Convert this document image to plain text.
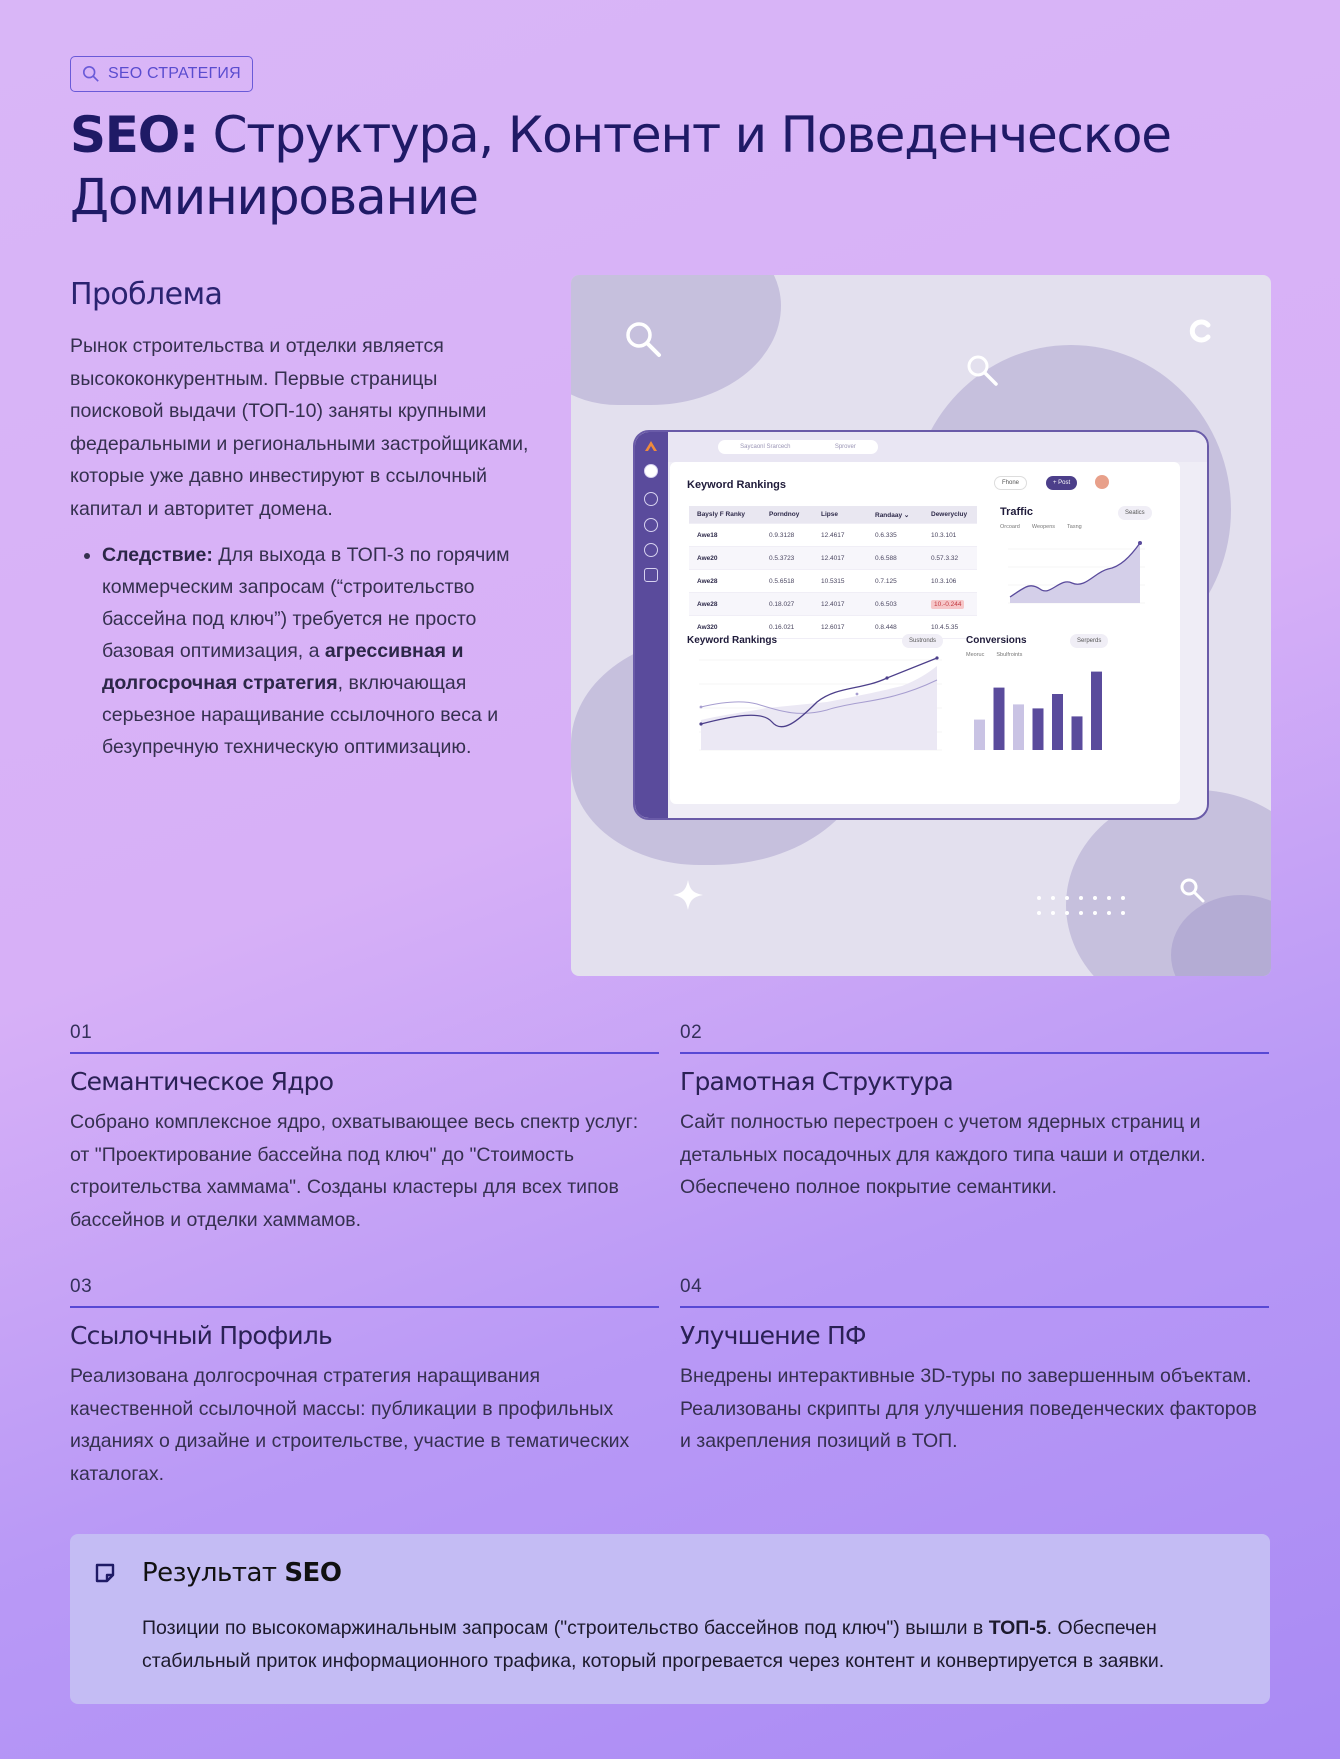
SEO СТРАТЕГИЯ
SEO: Структура, Контент и Поведенческое Доминирование
Проблема

Рынок строительства и отделки является высококонкурентным. Первые страницы поисковой выдачи (ТОП-10) заняты крупными федеральными и региональными застройщиками, которые уже давно инвестируют в ссылочный капитал и авторитет домена.

• Следствие: Для выхода в ТОП-3 по горячим коммерческим запросам (“строительство бассейна под ключ”) требуется не просто базовая оптимизация, а агрессивная и долгосрочная стратегия, включающая серьезное наращивание ссылочного веса и безупречную техническую оптимизацию.
Saycaonl Srarcech	Sprover
Keyword Rankings	Fhone	+ Post
Baysly F Ranky	Porndnoy	Lipse	Randaay ⌄	Dewerycluy
Awe18	0.9.3128	12.4617	0.6.335	10.3.101
Awe20	0.5.3723	12.4017	0.6.588	0.57.3.32
Awe28	0.5.6518	10.5315	0.7.125	10.3.106
Awe28	0.18.027	12.4017	0.6.503	10.-0.244
Aw320	0.16.021	12.6017	0.8.448	10.4.5.35
Traffic	Seatics
Orcoard Weopens Tasng
Keyword Rankings	Sustronds	Conversions	Serperds
Meoruc Sbulfroints
01
Семантическое Ядро

Собрано комплексное ядро, охватывающее весь спектр услуг: от "Проектирование бассейна под ключ" до "Стоимость строительства хаммама". Созданы кластеры для всех типов бассейнов и отделки хаммамов.

02
Грамотная Структура

Сайт полностью перестроен с учетом ядерных страниц и детальных посадочных для каждого типа чаши и отделки. Обеспечено полное покрытие семантики.

03
Ссылочный Профиль

Реализована долгосрочная стратегия наращивания качественной ссылочной массы: публикации в профильных изданиях о дизайне и строительстве, участие в тематических каталогах.

04
Улучшение ПФ

Внедрены интерактивные 3D-туры по завершенным объектам. Реализованы скрипты для улучшения поведенческих факторов и закрепления позиций в ТОП.

Результат SEO

Позиции по высокомаржинальным запросам ("строительство бассейнов под ключ") вышли в ТОП-5. Обеспечен стабильный приток информационного трафика, который прогревается через контент и конвертируется в заявки.
